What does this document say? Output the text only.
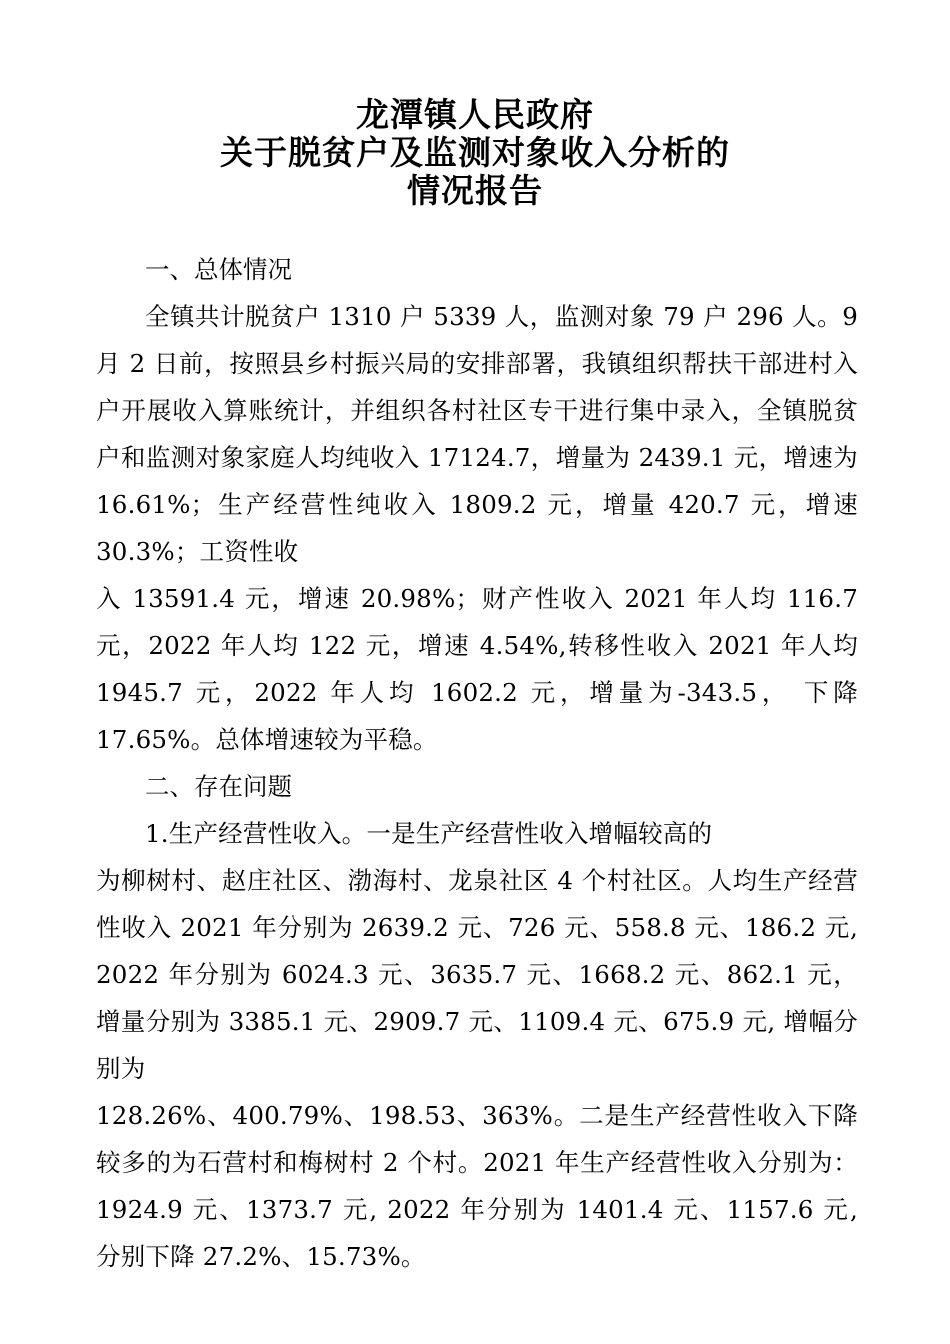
龙潭镇人民政府
关于脱贫户及监测对象收入分析的
情况报告

一、总体情况

全镇共计脱贫户 1310 户 5339 人，监测对象 79 户 296 人。9 月 2 日前，按照县乡村振兴局的安排部署，我镇组织帮扶干部进村入户开展收入算账统计，并组织各村社区专干进行集中录入，全镇脱贫户和监测对象家庭人均纯收入 17124.7，增量为 2439.1 元，增速为 16.61%；生产经营性纯收入 1809.2 元，增量 420.7 元，增速 30.3%；工资性收

入 13591.4 元，增速 20.98%；财产性收入 2021 年人均 116.7 元，2022 年人均 122 元，增速 4.54%,转移性收入 2021 年人均 1945.7 元，2022 年人均 1602.2 元，增量为-343.5， 下降 17.65%。总体增速较为平稳。

二、存在问题

1.生产经营性收入。一是生产经营性收入增幅较高的

为柳树村、赵庄社区、渤海村、龙泉社区 4 个村社区。人均生产经营性收入 2021 年分别为 2639.2 元、726 元、558.8 元、186.2 元, 2022 年分别为 6024.3 元、3635.7 元、1668.2 元、862.1 元，增量分别为 3385.1 元、2909.7 元、1109.4 元、675.9 元, 增幅分别为

128.26%、400.79%、198.53、363%。二是生产经营性收入下降较多的为石营村和梅树村 2 个村。2021 年生产经营性收入分别为：1924.9 元、1373.7 元, 2022 年分别为 1401.4 元、1157.6 元, 分别下降 27.2%、15.73%。
